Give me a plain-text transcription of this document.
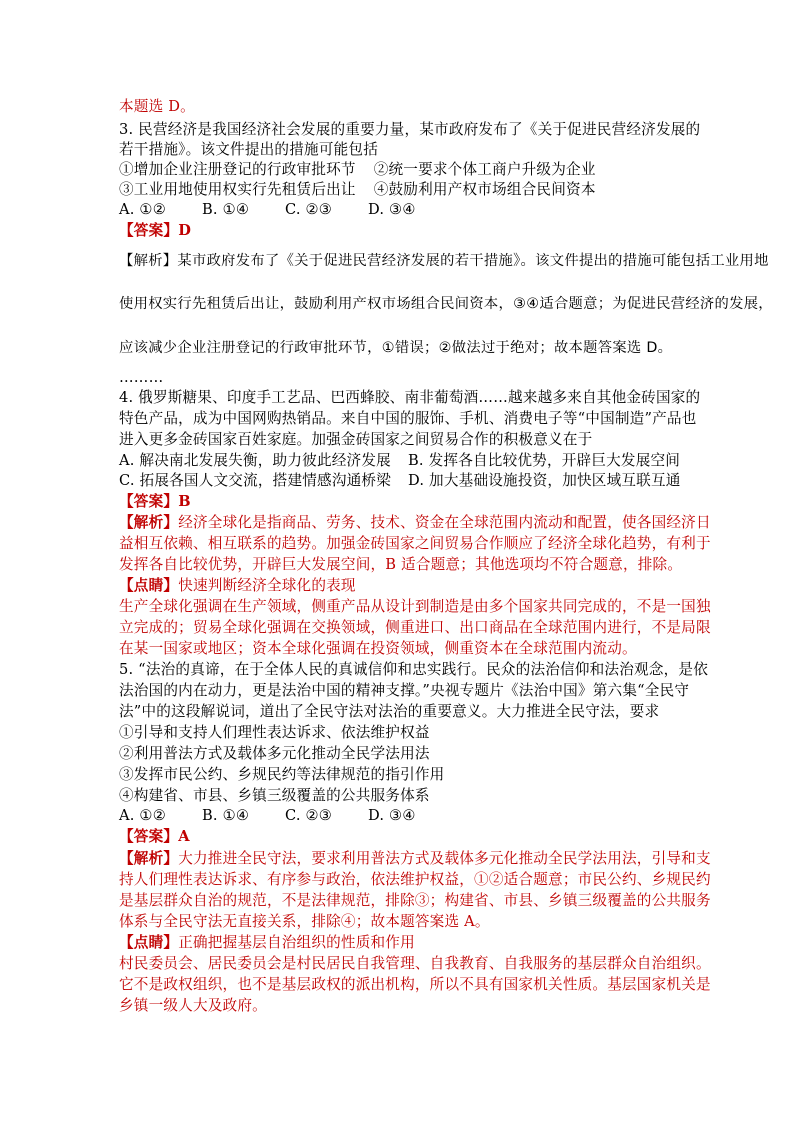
本题选 D。
3. 民营经济是我国经济社会发展的重要力量，某市政府发布了《关于促进民营经济发展的
若干措施》。该文件提出的措施可能包括
①增加企业注册登记的行政审批环节 ②统一要求个体工商户升级为企业
③工业用地使用权实行先租赁后出让 ④鼓励利用产权市场组合民间资本
A. ①② B. ①④ C. ②③ D. ③④
【答案】D
【解析】某市政府发布了《关于促进民营经济发展的若干措施》。该文件提出的措施可能包括工业用地
使用权实行先租赁后出让，鼓励利用产权市场组合民间资本，③④适合题意；为促进民营经济的发展，
应该减少企业注册登记的行政审批环节，①错误；②做法过于绝对；故本题答案选 D。
………
4. 俄罗斯糖果、印度手工艺品、巴西蜂胶、南非葡萄酒……越来越多来自其他金砖国家的
特色产品，成为中国网购热销品。来自中国的服饰、手机、消费电子等“中国制造”产品也
进入更多金砖国家百姓家庭。加强金砖国家之间贸易合作的积极意义在于
A. 解决南北发展失衡，助力彼此经济发展 B. 发挥各自比较优势，开辟巨大发展空间
C. 拓展各国人文交流，搭建情感沟通桥梁 D. 加大基础设施投资，加快区域互联互通
【答案】B
【解析】经济全球化是指商品、劳务、技术、资金在全球范围内流动和配置，使各国经济日
益相互依赖、相互联系的趋势。加强金砖国家之间贸易合作顺应了经济全球化趋势，有利于
发挥各自比较优势，开辟巨大发展空间，B 适合题意；其他选项均不符合题意，排除。
【点睛】快速判断经济全球化的表现
生产全球化强调在生产领域，侧重产品从设计到制造是由多个国家共同完成的，不是一国独
立完成的；贸易全球化强调在交换领域，侧重进口、出口商品在全球范围内进行，不是局限
在某一国家或地区；资本全球化强调在投资领域，侧重资本在全球范围内流动。
5. “法治的真谛，在于全体人民的真诚信仰和忠实践行。民众的法治信仰和法治观念，是依
法治国的内在动力，更是法治中国的精神支撑。”央视专题片《法治中国》第六集“全民守
法”中的这段解说词，道出了全民守法对法治的重要意义。大力推进全民守法，要求
①引导和支持人们理性表达诉求、依法维护权益
②利用普法方式及载体多元化推动全民学法用法
③发挥市民公约、乡规民约等法律规范的指引作用
④构建省、市县、乡镇三级覆盖的公共服务体系
A. ①② B. ①④ C. ②③ D. ③④
【答案】A
【解析】大力推进全民守法，要求利用普法方式及载体多元化推动全民学法用法，引导和支
持人们理性表达诉求、有序参与政治，依法维护权益，①②适合题意；市民公约、乡规民约
是基层群众自治的规范，不是法律规范，排除③；构建省、市县、乡镇三级覆盖的公共服务
体系与全民守法无直接关系，排除④；故本题答案选 A。
【点睛】正确把握基层自治组织的性质和作用
村民委员会、居民委员会是村民居民自我管理、自我教育、自我服务的基层群众自治组织。
它不是政权组织，也不是基层政权的派出机构，所以不具有国家机关性质。基层国家机关是
乡镇一级人大及政府。
